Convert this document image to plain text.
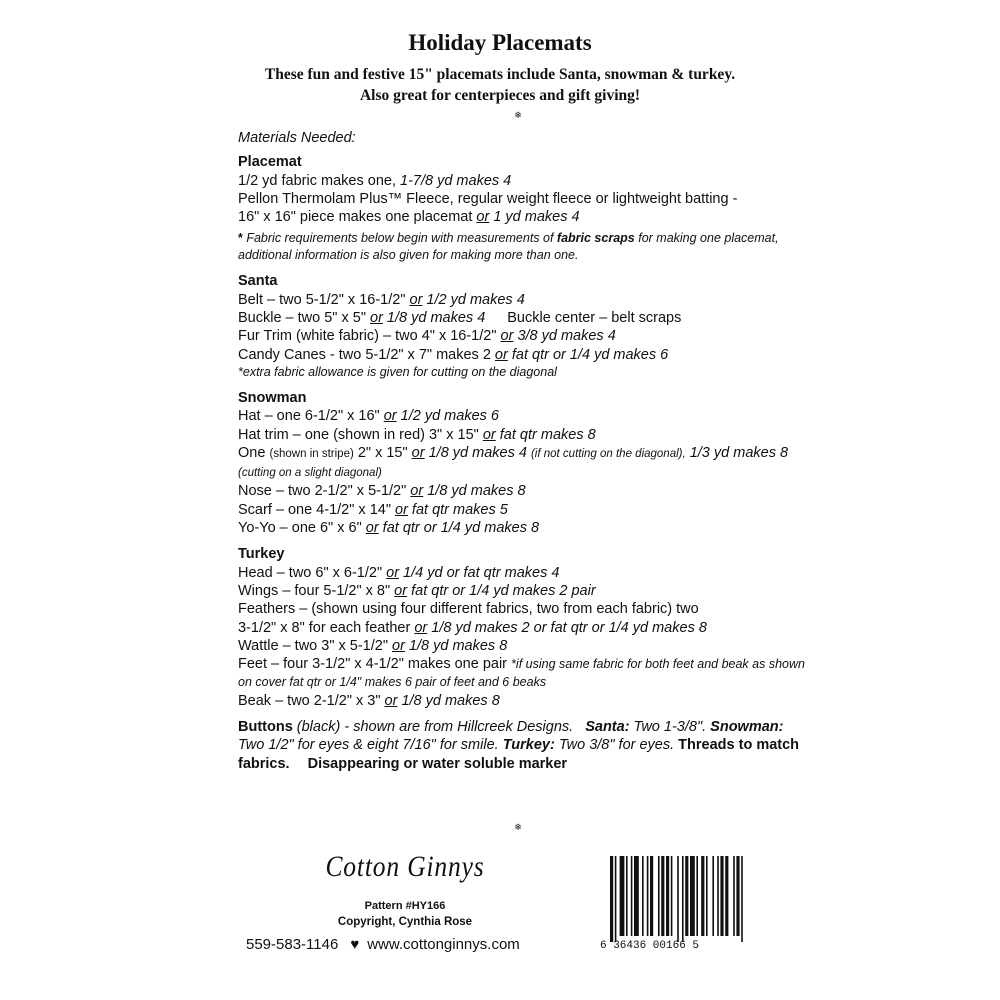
Holiday Placemats
These fun and festive 15" placemats include Santa, snowman & turkey.
Also great for centerpieces and gift giving!
❄

Materials Needed:

Placemat

1/2 yd fabric makes one, 1-7/8 yd makes 4

Pellon Thermolam Plus™ Fleece, regular weight fleece or lightweight batting -

16" x 16" piece makes one placemat or 1 yd makes 4

* Fabric requirements below begin with measurements of fabric scraps for making one placemat, additional information is also given for making more than one.

Santa

Belt – two 5-1/2" x 16-1/2" or 1/2 yd makes 4

Buckle – two 5" x 5" or 1/8 yd makes 4 Buckle center – belt scraps

Fur Trim (white fabric) – two 4" x 16-1/2" or 3/8 yd makes 4

Candy Canes - two 5-1/2" x 7" makes 2 or fat qtr or 1/4 yd makes 6

*extra fabric allowance is given for cutting on the diagonal

Snowman

Hat – one 6-1/2" x 16" or 1/2 yd makes 6

Hat trim – one (shown in red) 3" x 15" or fat qtr makes 8

One (shown in stripe) 2" x 15" or 1/8 yd makes 4 (if not cutting on the diagonal), 1/3 yd makes 8 (cutting on a slight diagonal)

Nose – two 2-1/2" x 5-1/2" or 1/8 yd makes 8

Scarf – one 4-1/2" x 14" or fat qtr makes 5

Yo-Yo – one 6" x 6" or fat qtr or 1/4 yd makes 8

Turkey

Head – two 6" x 6-1/2" or 1/4 yd or fat qtr makes 4

Wings – four 5-1/2" x 8" or fat qtr or 1/4 yd makes 2 pair

Feathers – (shown using four different fabrics, two from each fabric) two

3-1/2" x 8" for each feather or 1/8 yd makes 2 or fat qtr or 1/4 yd makes 8

Wattle – two 3" x 5-1/2" or 1/8 yd makes 8

Feet – four 3-1/2" x 4-1/2" makes one pair *if using same fabric for both feet and beak as shown on cover fat qtr or 1/4" makes 6 pair of feet and 6 beaks

Beak – two 2-1/2" x 3" or 1/8 yd makes 8

Buttons (black) - shown are from Hillcreek Designs. Santa: Two 1-3/8". Snowman: Two 1/2" for eyes & eight 7/16" for smile. Turkey: Two 3/8" for eyes. Threads to match fabrics. Disappearing or water soluble marker

❄
Cotton Ginnys
Pattern #HY166
Copyright, Cynthia Rose
559-583-1146 ♥ www.cottonginnys.com	6 36436 00166 5
